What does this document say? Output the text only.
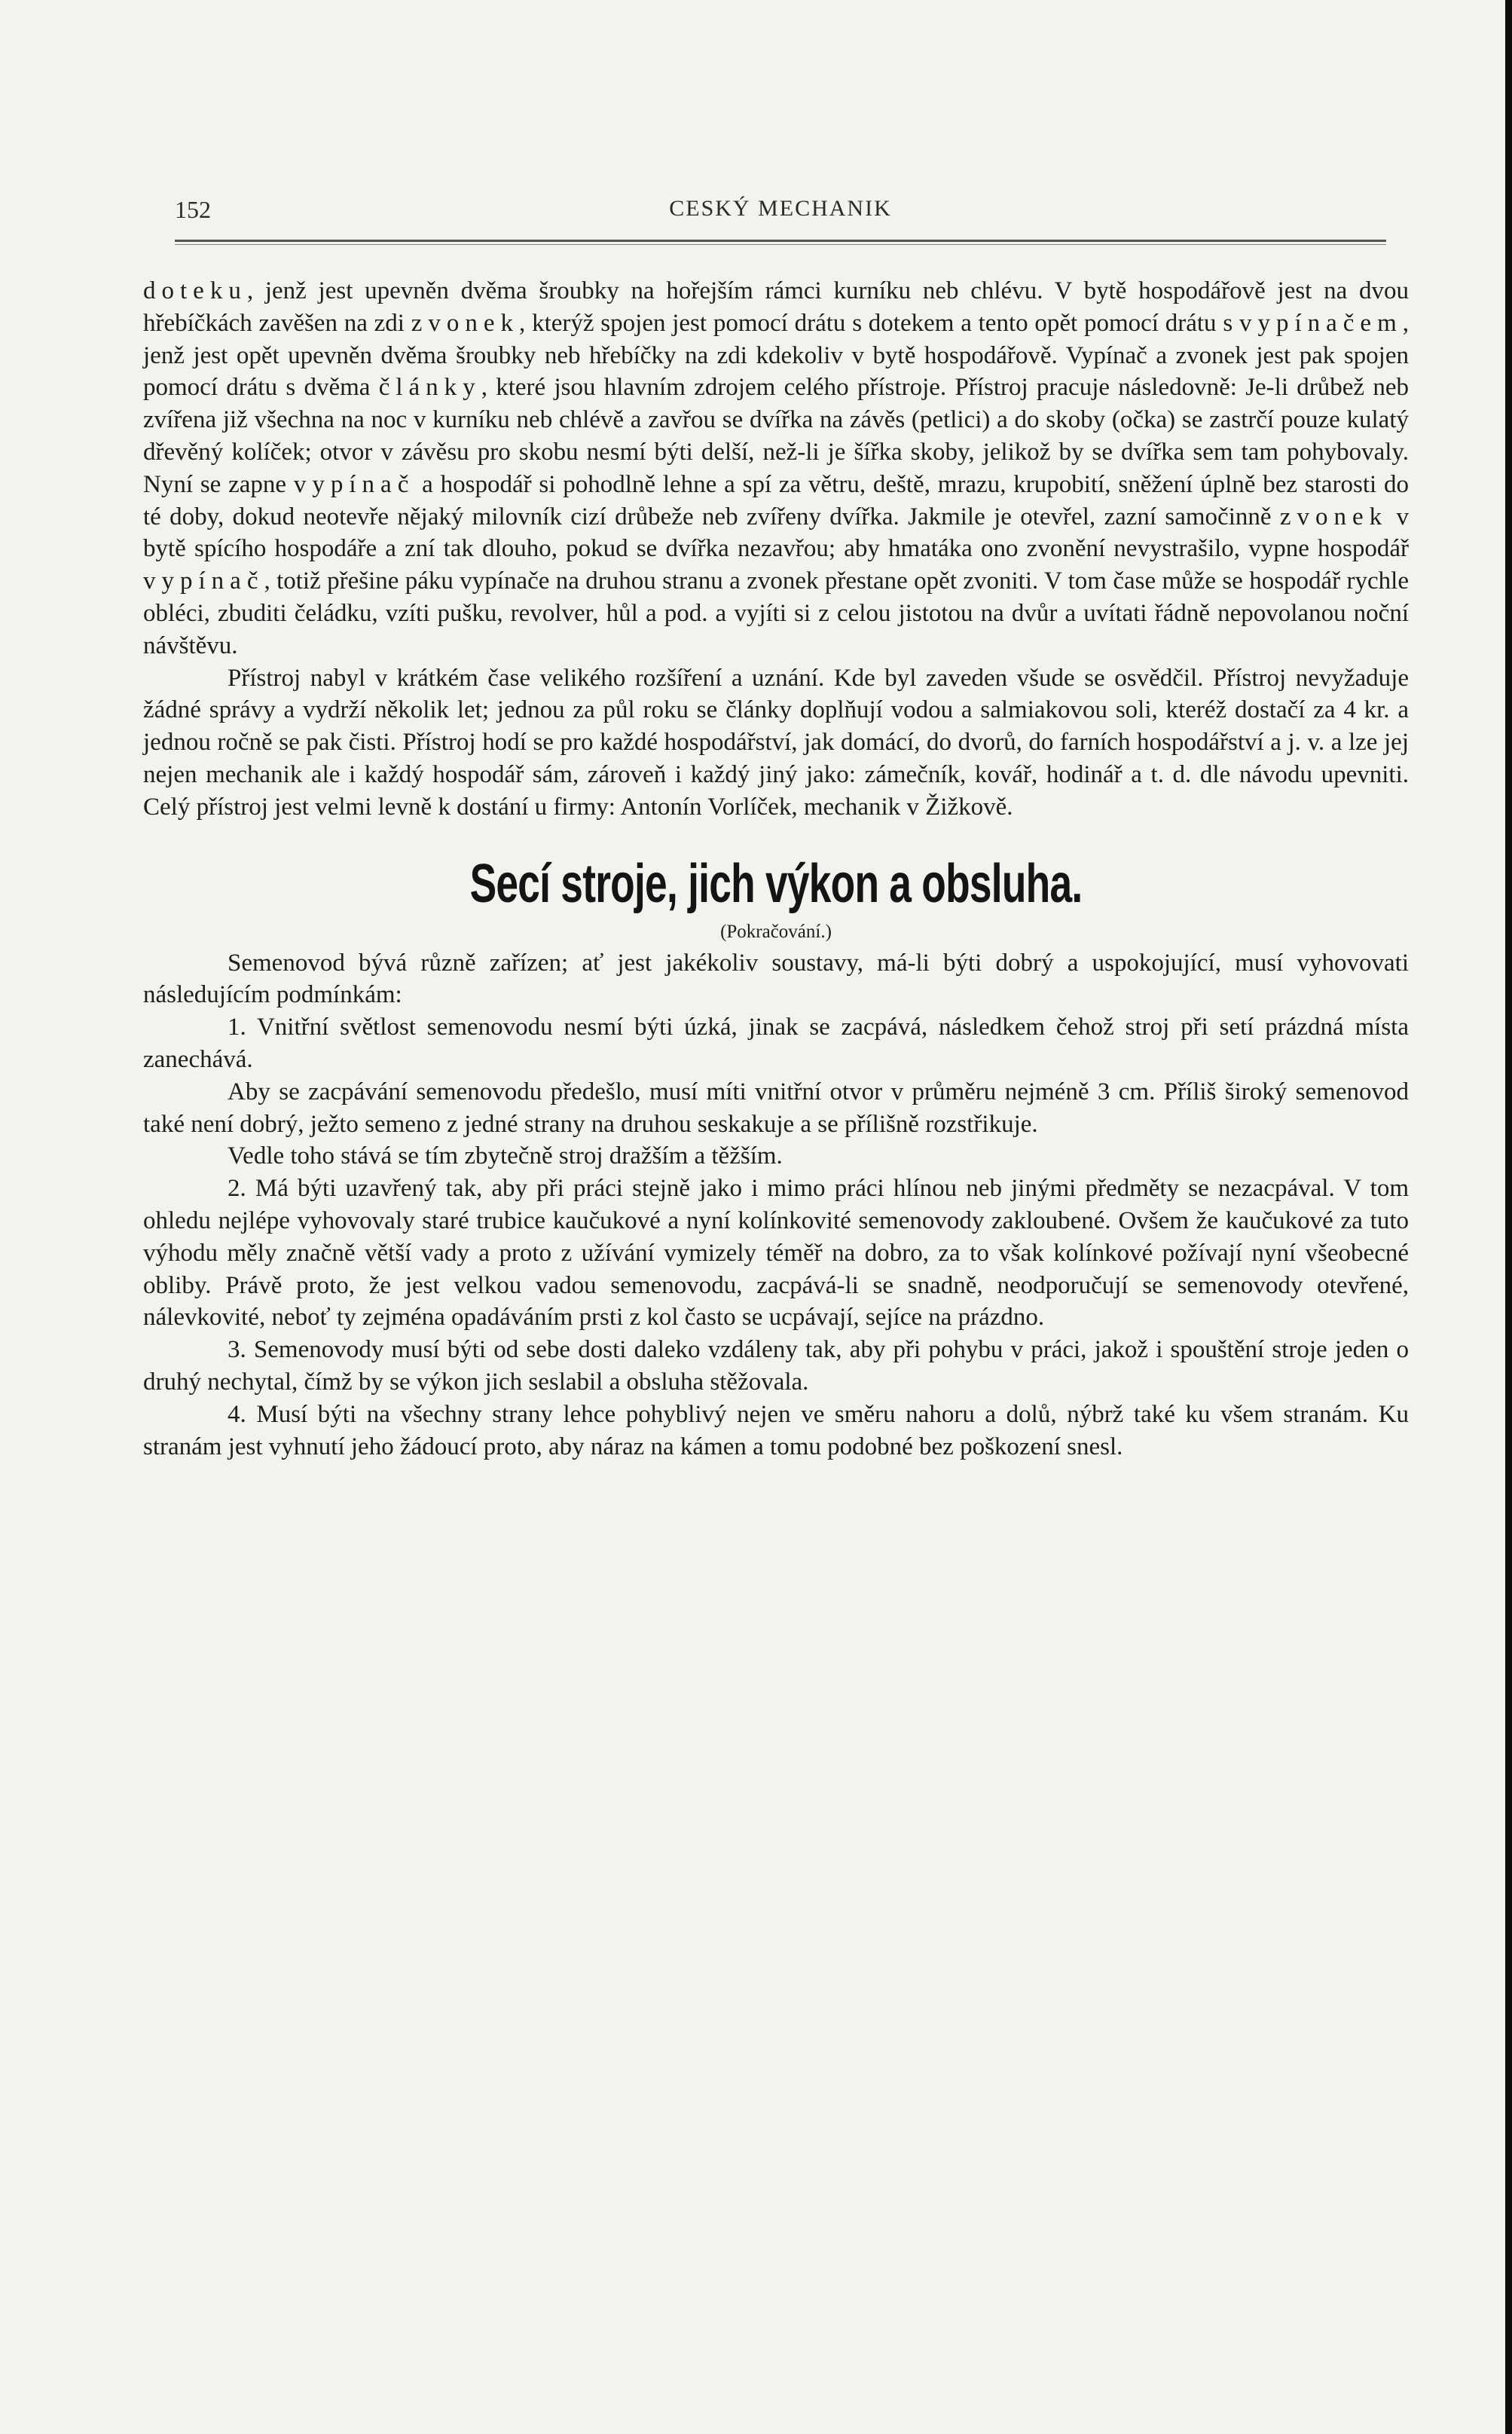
152	CESKÝ MECHANIK

doteku, jenž jest upevněn dvěma šroubky na hořejším rámci kurníku neb chlévu. V bytě hospodářově jest na dvou hřebíčkách zavěšen na zdi zvonek, kterýž spojen jest pomocí drátu s dotekem a tento opět pomocí drátu s vypínačem, jenž jest opět upevněn dvěma šroubky neb hřebíčky na zdi kdekoliv v bytě hospodářově. Vypínač a zvonek jest pak spojen pomocí drátu s dvěma články, které jsou hlavním zdrojem celého přístroje. Přístroj pracuje následovně: Je-li drůbež neb zvířena již všechna na noc v kurníku neb chlévě a zavřou se dvířka na závěs (petlici) a do skoby (očka) se zastrčí pouze kulatý dřevěný kolíček; otvor v závěsu pro skobu nesmí býti delší, než-li je šířka skoby, jelikož by se dvířka sem tam pohybovaly. Nyní se zapne vypínač a hospodář si pohodlně lehne a spí za větru, deště, mrazu, krupobití, sněžení úplně bez starosti do té doby, dokud neotevře nějaký milovník cizí drůbeže neb zvířeny dvířka. Jakmile je otevřel, zazní samočinně zvonek v bytě spícího hospodáře a zní tak dlouho, pokud se dvířka nezavřou; aby hmatáka ono zvonění nevystrašilo, vypne hospodář vypínač, totiž přešine páku vypínače na druhou stranu a zvonek přestane opět zvoniti. V tom čase může se hospodář rychle obléci, zbuditi čeládku, vzíti pušku, revolver, hůl a pod. a vyjíti si z celou jistotou na dvůr a uvítati řádně nepovolanou noční návštěvu.

Přístroj nabyl v krátkém čase velikého rozšíření a uznání. Kde byl zaveden všude se osvědčil. Přístroj nevyžaduje žádné správy a vydrží několik let; jednou za půl roku se články doplňují vodou a salmiakovou soli, kteréž dostačí za 4 kr. a jednou ročně se pak čisti. Přístroj hodí se pro každé hospodářství, jak domácí, do dvorů, do farních hospodářství a j. v. a lze jej nejen mechanik ale i každý hospodář sám, zároveň i každý jiný jako: zámečník, kovář, hodinář a t. d. dle návodu upevniti. Celý přístroj jest velmi levně k dostání u firmy: Antonín Vorlíček, mechanik v Žižkově.

Secí stroje, jich výkon a obsluha.
(Pokračování.)

Semenovod bývá různě zařízen; ať jest jakékoliv soustavy, má-li býti dobrý a uspokojující, musí vyhovovati následujícím podmínkám:

1. Vnitřní světlost semenovodu nesmí býti úzká, jinak se zacpává, následkem čehož stroj při setí prázdná místa zanechává.

Aby se zacpávání semenovodu předešlo, musí míti vnitřní otvor v průměru nejméně 3 cm. Příliš široký semenovod také není dobrý, ježto semeno z jedné strany na druhou seskakuje a se přílišně rozstřikuje.

Vedle toho stává se tím zbytečně stroj dražším a těžším.

2. Má býti uzavřený tak, aby při práci stejně jako i mimo práci hlínou neb jinými předměty se nezacpával. V tom ohledu nejlépe vyhovovaly staré trubice kaučukové a nyní kolínkovité semenovody zakloubené. Ovšem že kaučukové za tuto výhodu měly značně větší vady a proto z užívání vymizely téměř na dobro, za to však kolínkové požívají nyní všeobecné obliby. Právě proto, že jest velkou vadou semenovodu, zacpává-li se snadně, neodporučují se semenovody otevřené, nálevkovité, neboť ty zejména opadáváním prsti z kol často se ucpávají, sejíce na prázdno.

3. Semenovody musí býti od sebe dosti daleko vzdáleny tak, aby při pohybu v práci, jakož i spouštění stroje jeden o druhý nechytal, čímž by se výkon jich seslabil a obsluha stěžovala.

4. Musí býti na všechny strany lehce pohyblivý nejen ve směru nahoru a dolů, nýbrž také ku všem stranám. Ku stranám jest vyhnutí jeho žádoucí proto, aby náraz na kámen a tomu podobné bez poškození snesl.
